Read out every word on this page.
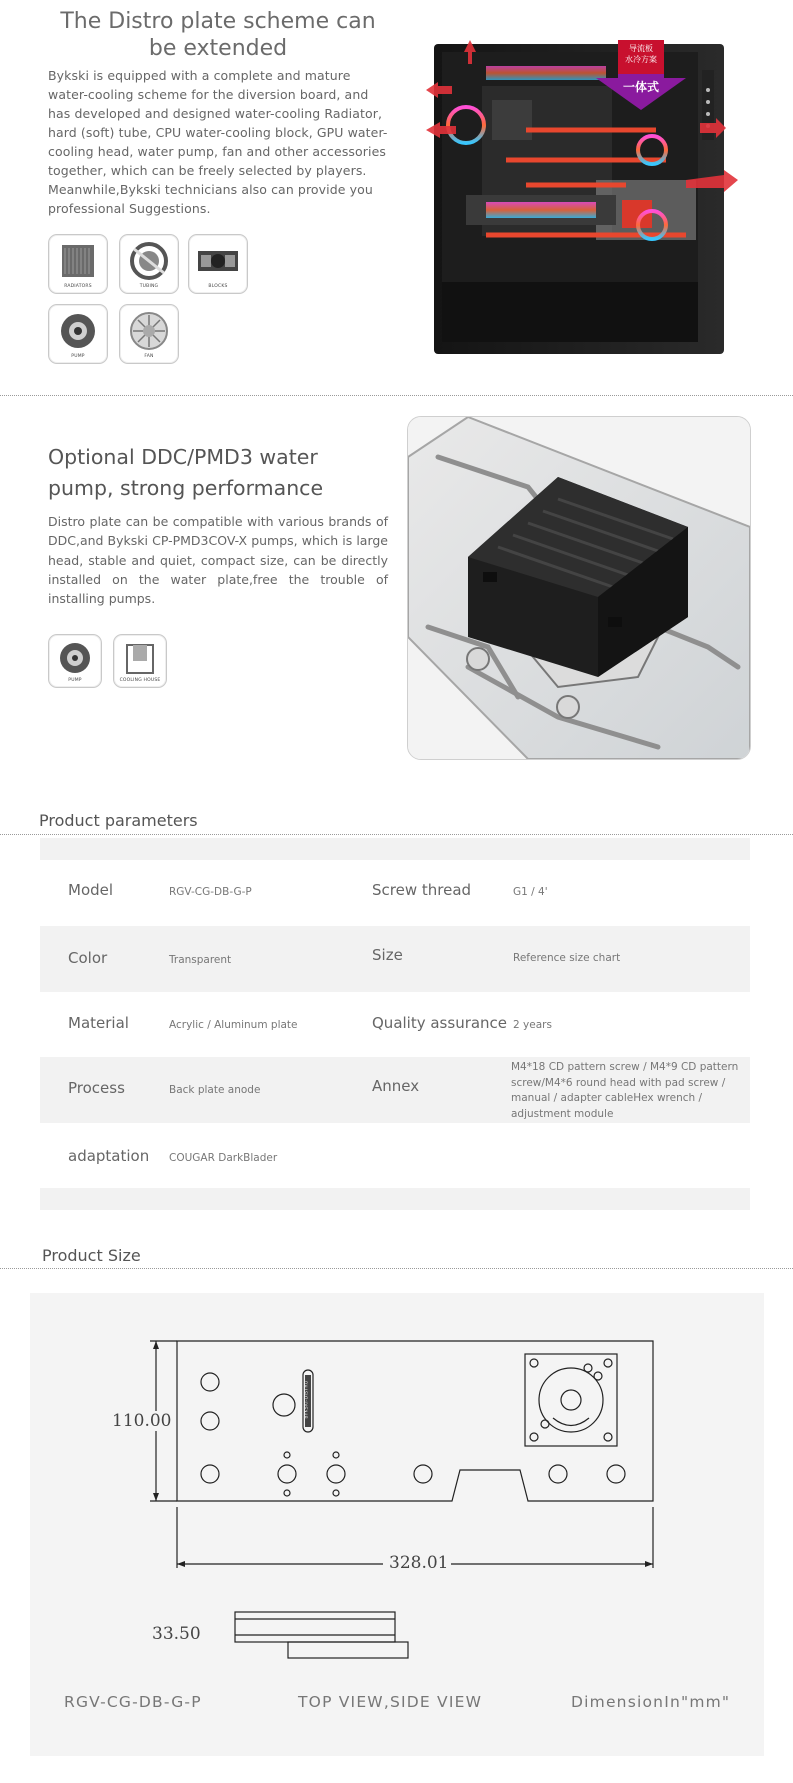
The Distro plate scheme can be extended
Bykski is equipped with a complete and mature water-cooling scheme for the diversion board, and has developed and designed water-cooling Radiator, hard (soft) tube, CPU water-cooling block, GPU water-cooling head, water pump, fan and other accessories together, which can be freely selected by players. Meanwhile,Bykski technicians also can provide you professional Suggestions.
RADIATORS	TUBING	BLOCKS
PUMP	FAN
导流板
水冷方案
一体式
Optional DDC/PMD3 water pump, strong performance
Distro plate can be compatible with various brands of DDC,and Bykski CP-PMD3COV-X pumps, which is large head, stable and quiet, compact size, can be directly installed on the water plate,free the trouble of installing pumps.
PUMP	COOLING HOUSE
Product parameters
Model	RGV-CG-DB-G-P	Screw thread	G1 / 4'
Color	Transparent	Size	Reference size chart
Material	Acrylic / Aluminum plate	Quality assurance 2 years
Process	Back plate anode	Annex
M4*18 CD pattern screw / M4*9 CD pattern screw/M4*6 round head with pad screw / manual / adapter cableHex wrench / adjustment module
adaptation COUGAR DarkBlader
Product Size
110.00
328.01
33.50
BYKSKI-DISTRO
RGV-CG-DB-G-P	TOP VIEW,SIDE VIEW	DimensionIn"mm"
